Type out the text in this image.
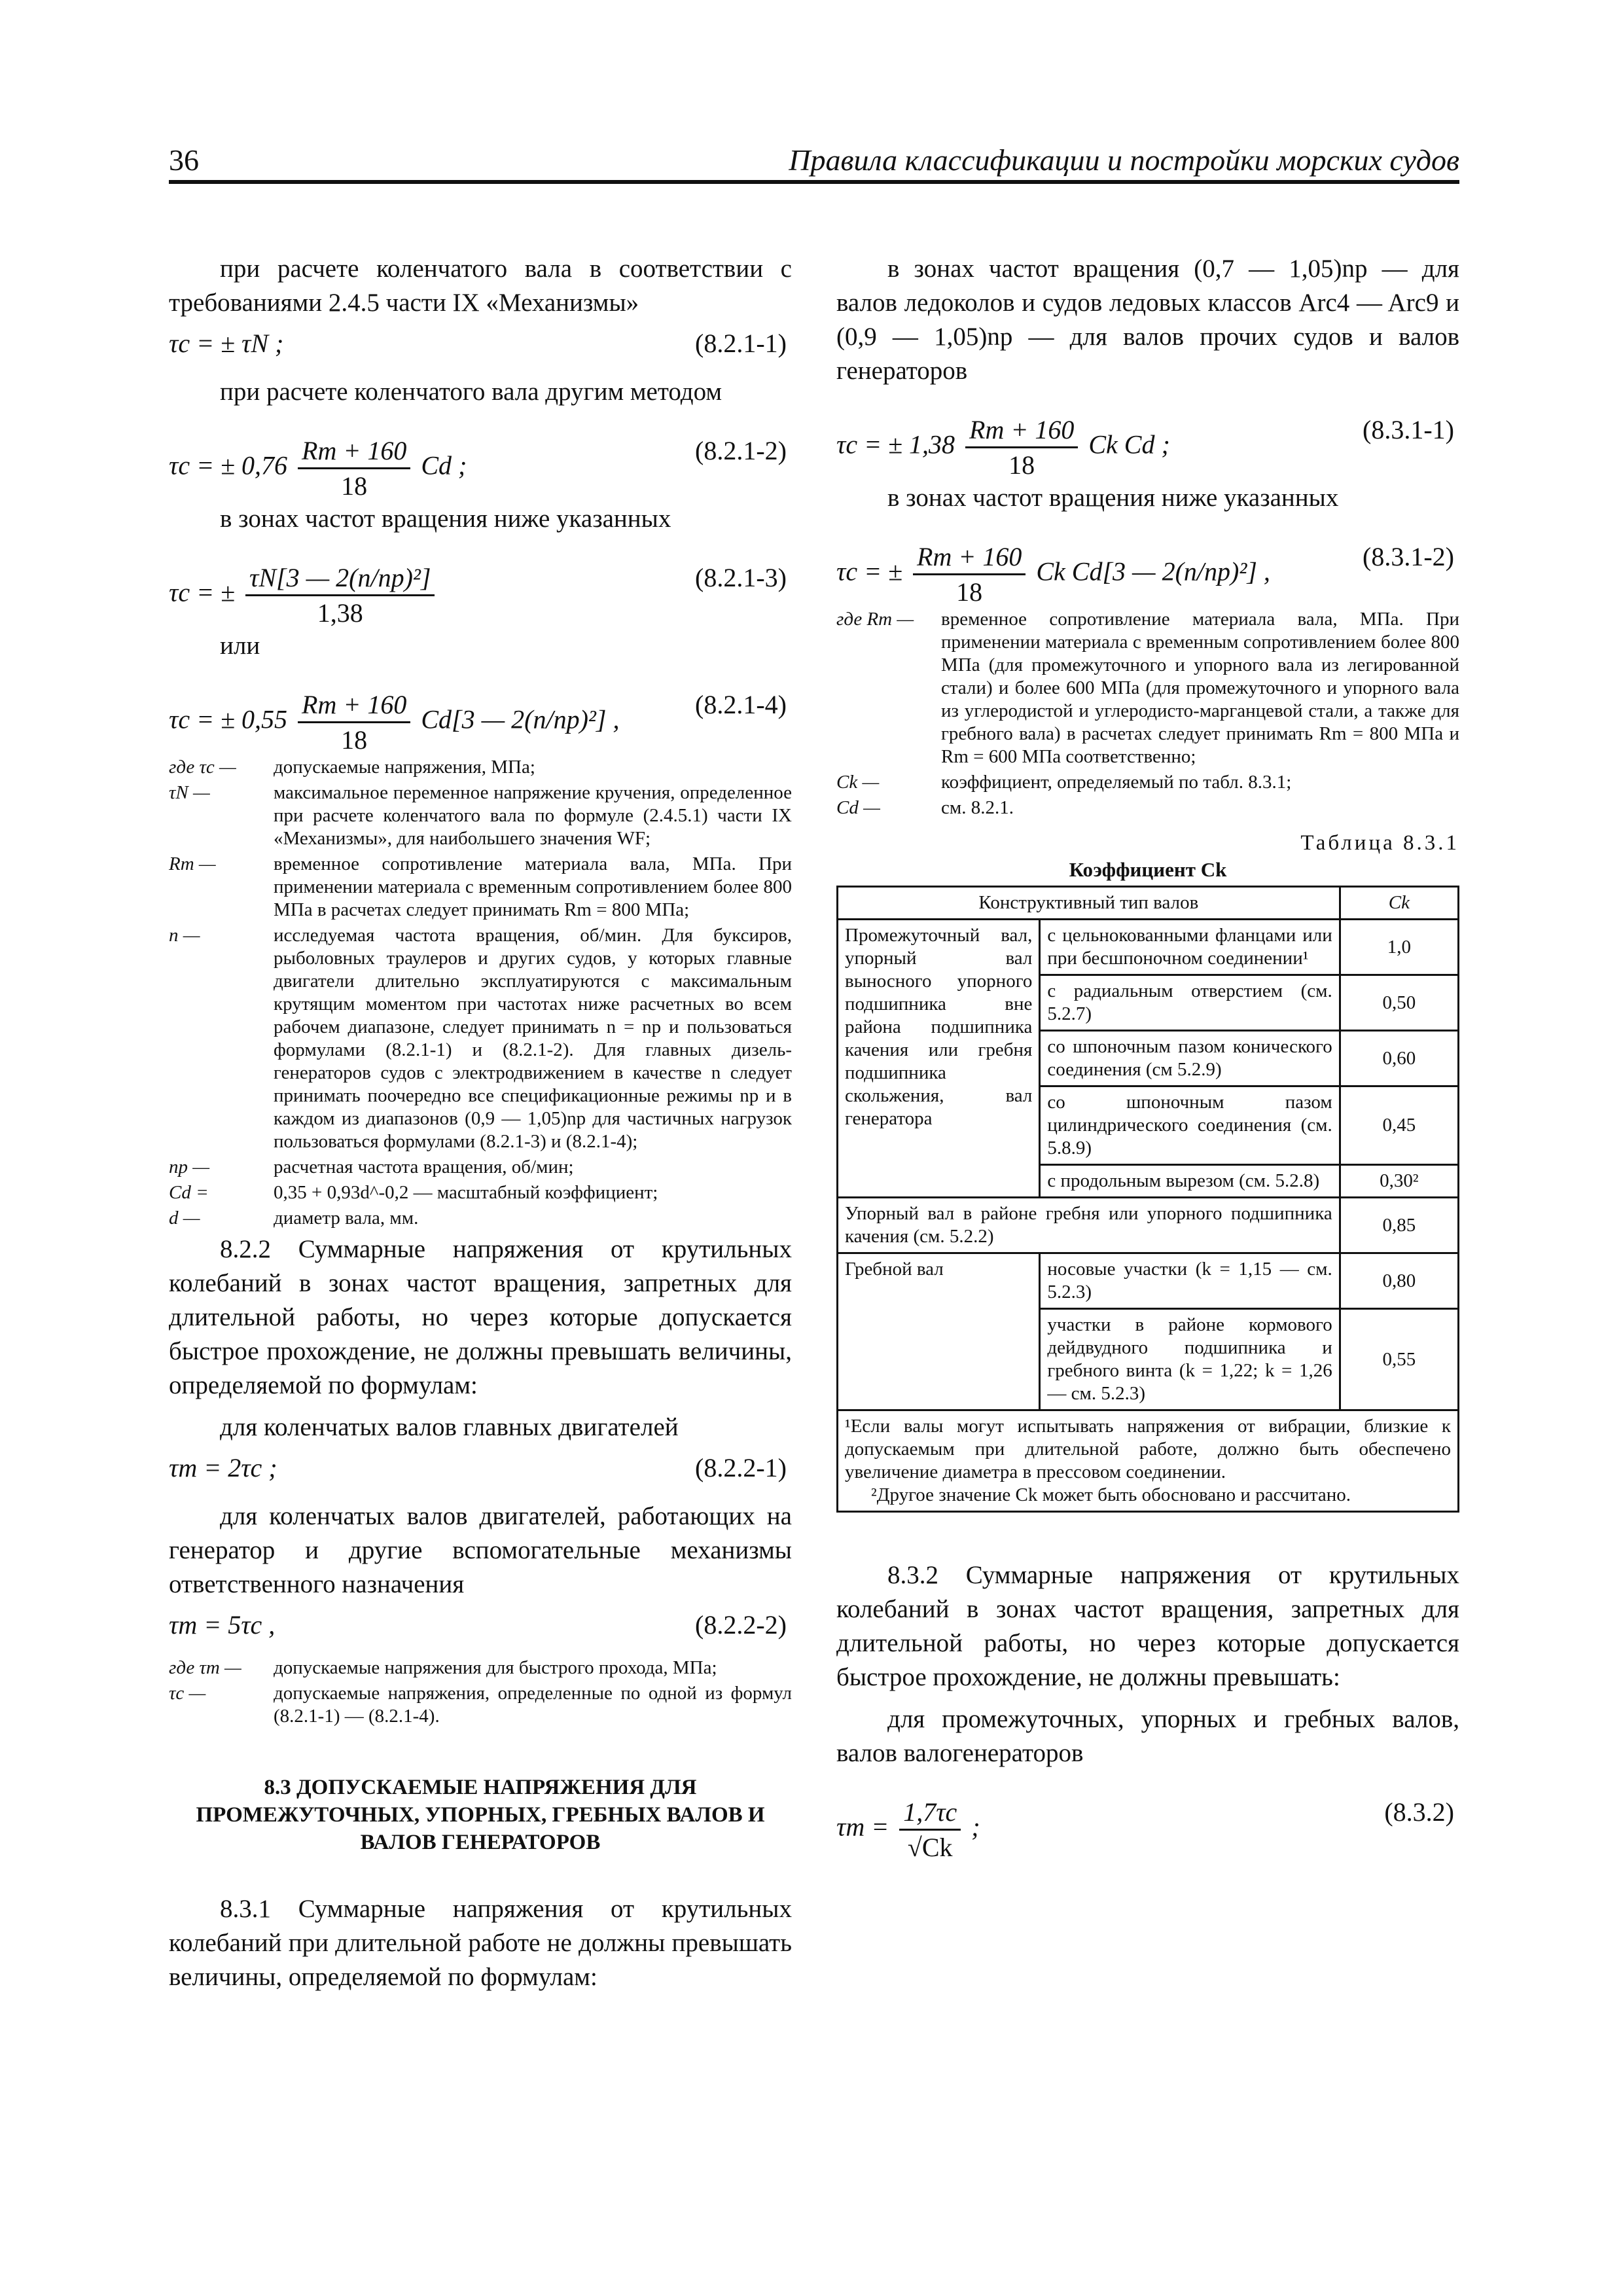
36	Правила классификации и постройки морских судов

при расчете коленчатого вала в соответствии с требованиями 2.4.5 части IX «Механизмы»

τc = ± τN ;	(8.2.1-1)

при расчете коленчатого вала другим методом

τc = ± $0,76 \frac{Rm + 160}{18}$ Cd ;
(8.2.1-2)

в зонах частот вращения ниже указанных

τc = ± $\frac{\text{τN[3 — 2(n/np)²]}}{1,38}$	(8.2.1-3)

или

τc = ± $0,55 \frac{Rm + 160}{18} Cd[3$ — 2(n/np)²] ,
(8.2.1-4)
где τc —	допускаемые напряжения, МПа;
τN —	максимальное переменное напряжение кручения, определенное при расчете коленчатого вала по формуле (2.4.5.1) части IX «Механизмы», для наибольшего значения WF;
Rm —	временное сопротивление материала вала, МПа. При применении материала с временным сопротивлением более 800 МПа в расчетах следует принимать Rm = 800 МПа;
n —	исследуемая частота вращения, об/мин. Для буксиров, рыболовных траулеров и других судов, у которых главные двигатели длительно эксплуатируются с максимальным крутящим моментом при частотах ниже расчетных во всем рабочем диапазоне, следует принимать n = np и пользоваться формулами (8.2.1-1) и (8.2.1-2). Для главных дизель-генераторов судов с электродвижением в качестве n следует принимать поочередно все спецификационные режимы np и в каждом из диапазонов (0,9 — 1,05)np для частичных нагрузок пользоваться формулами (8.2.1-3) и (8.2.1-4);
np —	расчетная частота вращения, об/мин;
Cd =	0,35 + 0,93d^-0,2 — масштабный коэффициент;
d —	диаметр вала, мм.

8.2.2 Суммарные напряжения от крутильных колебаний в зонах частот вращения, запретных для длительной работы, но через которые допускается быстрое прохождение, не должны превышать величины, определяемой по формулам:

для коленчатых валов главных двигателей

τт = 2τc ;	(8.2.2-1)

для коленчатых валов двигателей, работающих на генератор и другие вспомогательные механизмы ответственного назначения

τт = 5τc ,	(8.2.2-2)
где τт —	допускаемые напряжения для быстрого прохода, МПа;
τc —	допускаемые напряжения, определенные по одной из формул (8.2.1-1) — (8.2.1-4).
8.3 ДОПУСКАЕМЫЕ НАПРЯЖЕНИЯ ДЛЯ ПРОМЕЖУТОЧНЫХ, УПОРНЫХ, ГРЕБНЫХ ВАЛОВ И ВАЛОВ ГЕНЕРАТОРОВ

8.3.1 Суммарные напряжения от крутильных колебаний при длительной работе не должны превышать величины, определяемой по формулам:

в зонах частот вращения (0,7 — 1,05)np — для валов ледоколов и судов ледовых классов Arc4 — Arc9 и (0,9 — 1,05)np — для валов прочих судов и валов генераторов

τc = ± $1,38 \frac{Rm + 160}{18}$ Ck Cd ;
(8.3.1-1)

в зонах частот вращения ниже указанных

τc = ± $\frac{Rm + 160}{18}$ Ck Cd[3 — 2(n/np)²] ,
(8.3.1-2)
где Rm —	временное сопротивление материала вала, МПа. При применении материала с временным сопротивлением более 800 МПа (для промежуточного и упорного вала из легированной стали) и более 600 МПа (для промежуточного и упорного вала из углеродистой и углеродисто-марганцевой стали, а также для гребного вала) в расчетах следует принимать Rm = 800 МПа и Rm = 600 МПа соответственно;
Ck —	коэффициент, определяемый по табл. 8.3.1;
Cd —	см. 8.2.1.
Таблица 8.3.1
Коэффициент Ck
Конструктивный тип валов		Ck
Промежуточный вал, упорный вал выносного упорного подшипника вне района подшипника качения или гребня подшипника скольжения, вал генератора	с цельнокованными фланцами или при бесшпоночном соединении¹	1,0
	с радиальным отверстием (см. 5.2.7)	0,50
	со шпоночным пазом конического соединения (см 5.2.9)	0,60
	со шпоночным пазом цилиндрического соединения (см. 5.8.9)	0,45
	с продольным вырезом (см. 5.2.8)	0,30²
Упорный вал в районе гребня или упорного подшипника качения (см. 5.2.2)		0,85
Гребной вал	носовые участки (k = 1,15 — см. 5.2.3)	0,80
	участки в районе кормового дейдвудного подшипника и гребного винта (k = 1,22; k = 1,26 — см. 5.2.3)	0,55

¹Если валы могут испытывать напряжения от вибрации, близкие к допускаемым при длительной работе, должно быть обеспечено увеличение диаметра в прессовом соединении.
²Другое значение Ck может быть обосновано и рассчитано.		

8.3.2 Суммарные напряжения от крутильных колебаний в зонах частот вращения, запретных для длительной работы, но через которые допускается быстрое прохождение, не должны превышать:

для промежуточных, упорных и гребных валов, валов валогенераторов

$\tau т = \frac{1,7\tau c}{√Ck}$ ;
(8.3.2)
